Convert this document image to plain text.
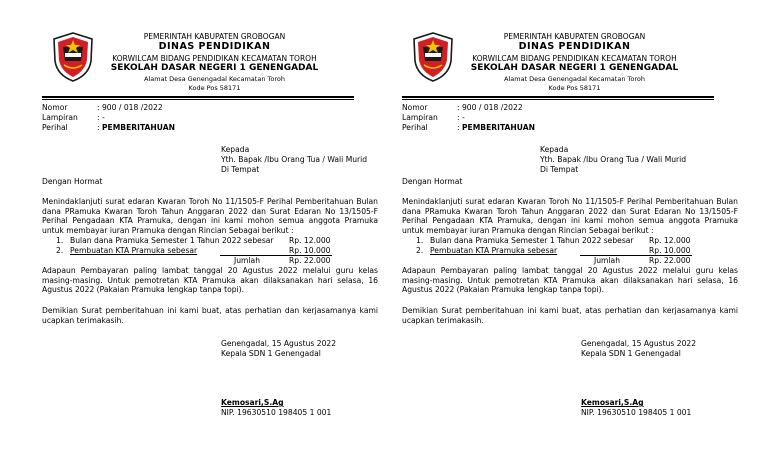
PEMERINTAH KABUPATEN GROBOGAN
DINAS PENDIDIKAN
KORWILCAM BIDANG PENDIDIKAN KECAMATAN TOROH
SEKOLAH DASAR NEGERI 1 GENENGADAL
Alamat Desa Genengadal Kecamatan Toroh
Kode Pos 58171
Nomor	: 900 / 018 /2022
Lampiran	: -
Perihal	: PEMBERITAHUAN
Kepada
Yth. Bapak /Ibu Orang Tua / Wali Murid
Di Tempat
Dengan Hormat
Menindaklanjuti surat edaran Kwaran Toroh No 11/1505-F Perihal Pemberitahuan Bulan dana PRamuka Kwaran Toroh Tahun Anggaran 2022 dan Surat Edaran No 13/1505-F Perihal Pengadaan KTA Pramuka, dengan ini kami mohon semua anggota Pramuka untuk membayar iuran Pramuka dengan Rincian Sebagai berikut :
1. Bulan dana Pramuka Semester 1 Tahun 2022 sebesar Rp. 12.000
2. Pembuatan KTA Pramuka sebesar	Rp. 10.000
Jumlah	Rp. 22.000
Adapaun Pembayaran paling lambat tanggal 20 Agustus 2022 melalui guru kelas masing-masing. Untuk pemotretan KTA Pramuka akan dilaksanakan hari selasa, 16 Agustus 2022 (Pakaian Pramuka lengkap tanpa topi).
Demikian Surat pemberitahuan ini kami buat, atas perhatian dan kerjasamanya kami ucapkan terimakasih.
Genengadal, 15 Agustus 2022
Kepala SDN 1 Genengadal
Kemosari,S.Ag
NIP. 19630510 198405 1 001
PEMERINTAH KABUPATEN GROBOGAN
DINAS PENDIDIKAN
KORWILCAM BIDANG PENDIDIKAN KECAMATAN TOROH
SEKOLAH DASAR NEGERI 1 GENENGADAL
Alamat Desa Genengadal Kecamatan Toroh
Kode Pos 58171
Nomor	: 900 / 018 /2022
Lampiran	: -
Perihal	: PEMBERITAHUAN
Kepada
Yth. Bapak /Ibu Orang Tua / Wali Murid
Di Tempat
Dengan Hormat
Menindaklanjuti surat edaran Kwaran Toroh No 11/1505-F Perihal Pemberitahuan Bulan dana PRamuka Kwaran Toroh Tahun Anggaran 2022 dan Surat Edaran No 13/1505-F Perihal Pengadaan KTA Pramuka, dengan ini kami mohon semua anggota Pramuka untuk membayar iuran Pramuka dengan Rincian Sebagai berikut :
1. Bulan dana Pramuka Semester 1 Tahun 2022 sebesar Rp. 12.000
2. Pembuatan KTA Pramuka sebesar	Rp. 10.000
Jumlah	Rp. 22.000
Adapaun Pembayaran paling lambat tanggal 20 Agustus 2022 melalui guru kelas masing-masing. Untuk pemotretan KTA Pramuka akan dilaksanakan hari selasa, 16 Agustus 2022 (Pakaian Pramuka lengkap tanpa topi).
Demikian Surat pemberitahuan ini kami buat, atas perhatian dan kerjasamanya kami ucapkan terimakasih.
Genengadal, 15 Agustus 2022
Kepala SDN 1 Genengadal
Kemosari,S.Ag
NIP. 19630510 198405 1 001
